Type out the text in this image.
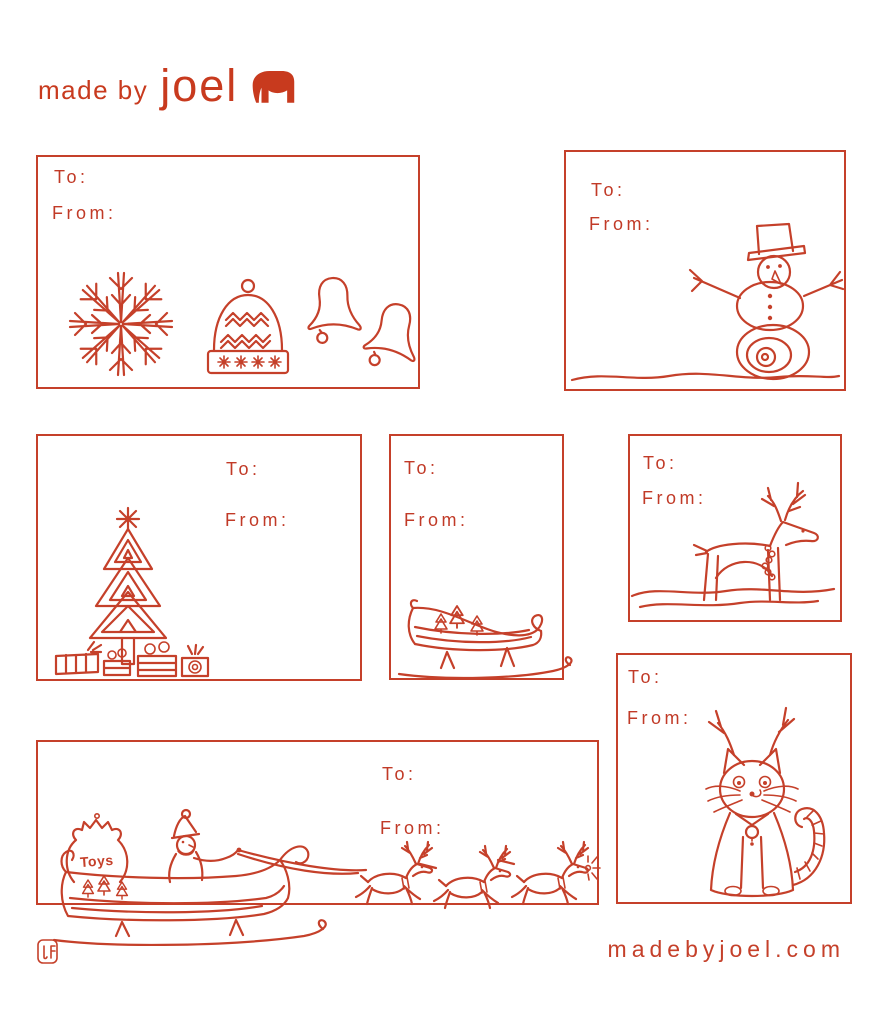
made by joel
To:
From:
To:
From:
To:
From:
To:
From:
To:
From:
To:
From:
To:
From:
Toys
madebyjoel.com
